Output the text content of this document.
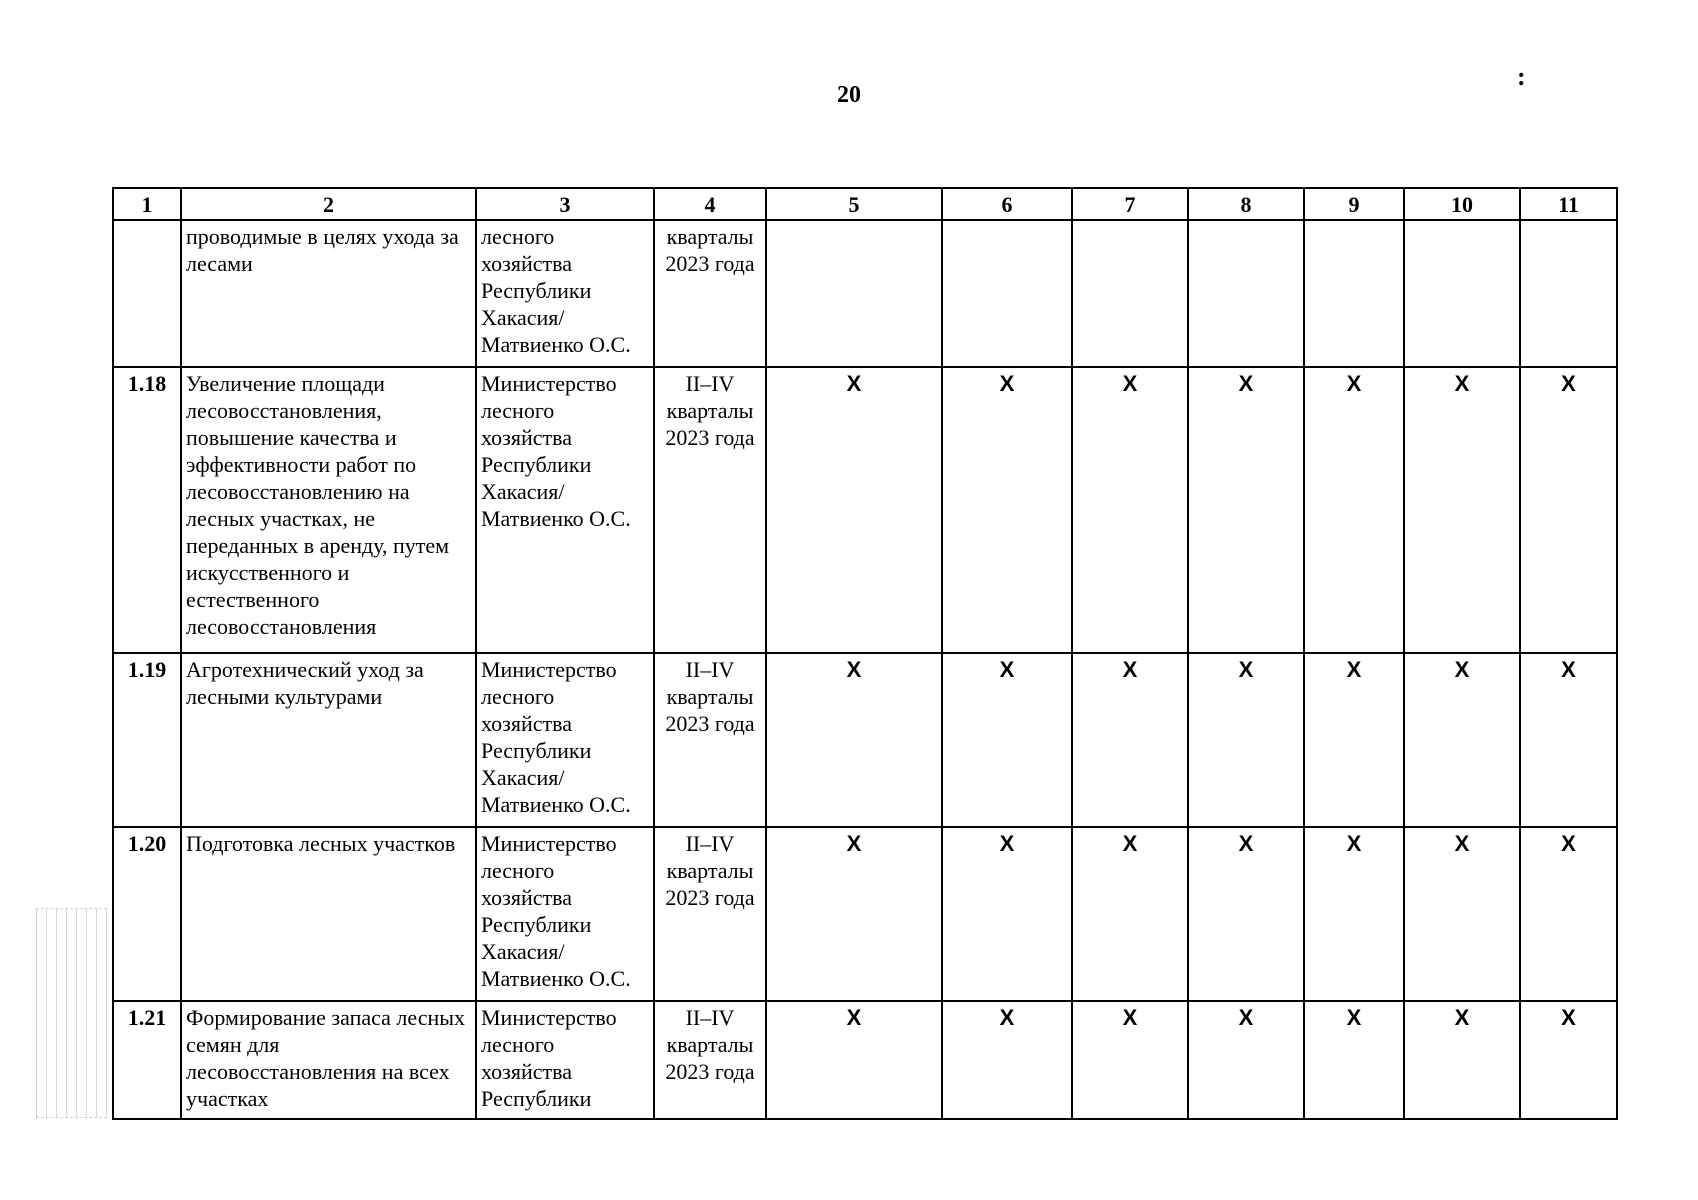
20
:
1	2	3	4	5	6	7	8	9	10	11
	проводимые в целях ухода за лесами	лесного хозяйства Республики Хакасия/ Матвиенко О.С.	кварталы 2023 года							
1.18	Увеличение площади лесовосстановления, повышение качества и эффективности работ по лесовосстановлению на лесных участках, не переданных в аренду, путем искусственного и естественного лесовосстановления	Министерство лесного хозяйства Республики Хакасия/ Матвиенко О.С.	II–IV кварталы 2023 года	X	X	X	X	X	X	X
1.19	Агротехнический уход за лесными культурами	Министерство лесного хозяйства Республики Хакасия/ Матвиенко О.С.	II–IV кварталы 2023 года	X	X	X	X	X	X	X
1.20	Подготовка лесных участков	Министерство лесного хозяйства Республики Хакасия/ Матвиенко О.С.	II–IV кварталы 2023 года	X	X	X	X	X	X	X
1.21	Формирование запаса лесных семян для лесовосстановления на всех участках	Министерство лесного хозяйства Республики	II–IV кварталы 2023 года	X	X	X	X	X	X	X
